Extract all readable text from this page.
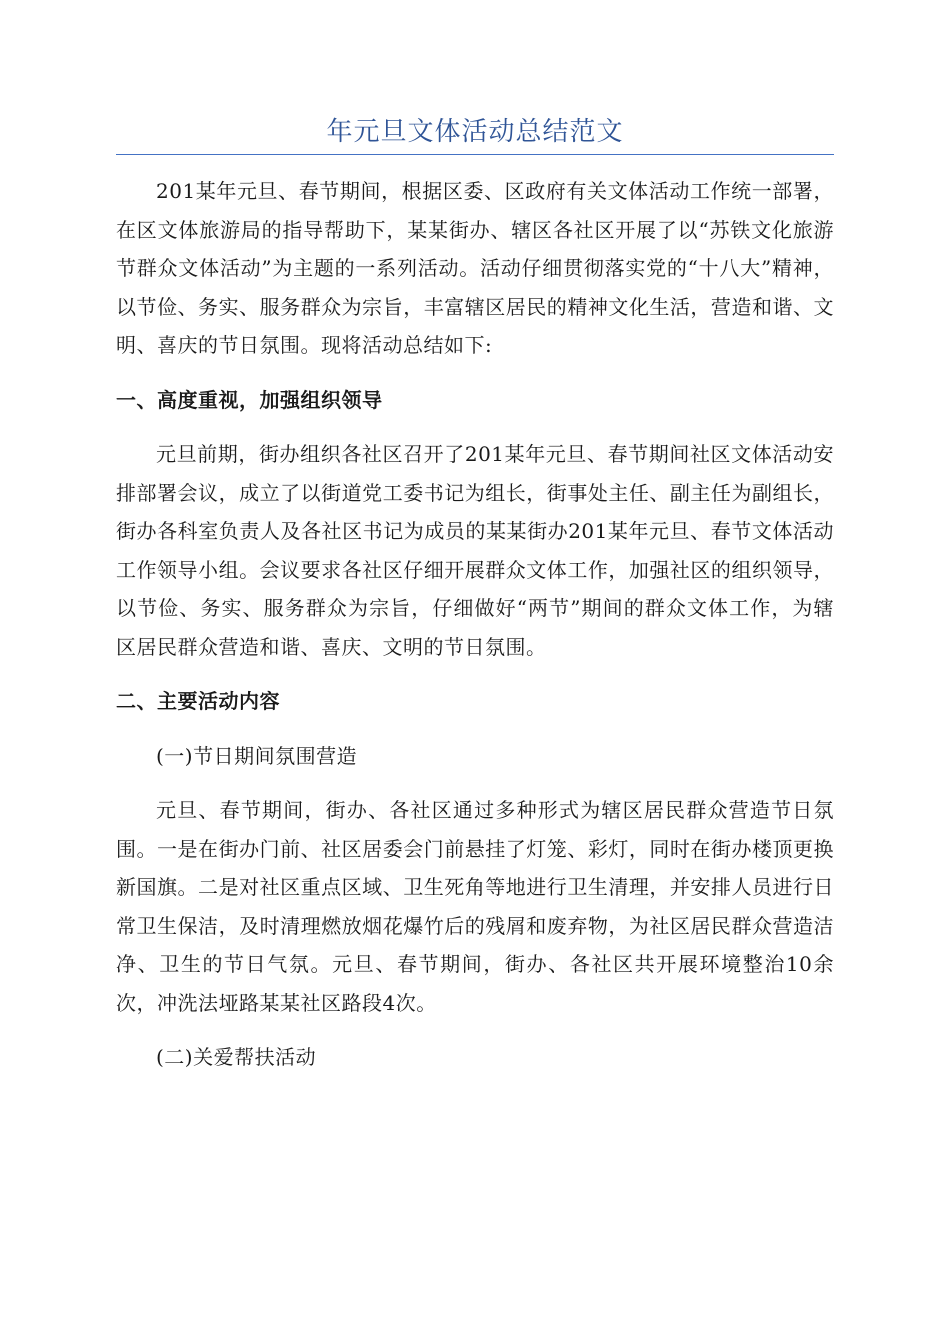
年元旦文体活动总结范文

201某年元旦、春节期间，根据区委、区政府有关文体活动工作统一部署，在区文体旅游局的指导帮助下，某某街办、辖区各社区开展了以“苏铁文化旅游节群众文体活动”为主题的一系列活动。活动仔细贯彻落实党的“十八大”精神，以节俭、务实、服务群众为宗旨，丰富辖区居民的精神文化生活，营造和谐、文明、喜庆的节日氛围。现将活动总结如下:

一、高度重视，加强组织领导

元旦前期，街办组织各社区召开了201某年元旦、春节期间社区文体活动安排部署会议，成立了以街道党工委书记为组长，街事处主任、副主任为副组长，街办各科室负责人及各社区书记为成员的某某街办201某年元旦、春节文体活动工作领导小组。会议要求各社区仔细开展群众文体工作，加强社区的组织领导，以节俭、务实、服务群众为宗旨，仔细做好“两节”期间的群众文体工作，为辖区居民群众营造和谐、喜庆、文明的节日氛围。

二、主要活动内容

(一)节日期间氛围营造

元旦、春节期间，街办、各社区通过多种形式为辖区居民群众营造节日氛围。一是在街办门前、社区居委会门前悬挂了灯笼、彩灯，同时在街办楼顶更换新国旗。二是对社区重点区域、卫生死角等地进行卫生清理，并安排人员进行日常卫生保洁，及时清理燃放烟花爆竹后的残屑和废弃物，为社区居民群众营造洁净、卫生的节日气氛。元旦、春节期间，街办、各社区共开展环境整治10余次，冲洗法垭路某某社区路段4次。

(二)关爱帮扶活动
